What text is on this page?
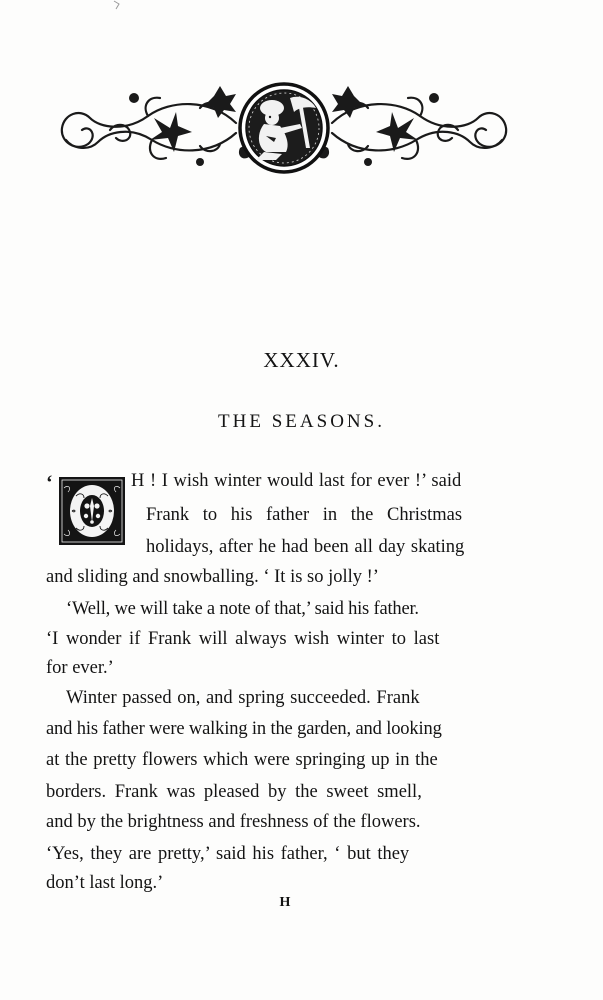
XXXIV.
THE SEASONS.
‘	H ! I wish winter would last for ever !’ said
Frank to his father in the Christmas
holidays, after he had been all day skating
and sliding and snowballing. ‘ It is so jolly !’
‘Well, we will take a note of that,’ said his father.
‘I wonder if Frank will always wish winter to last
for ever.’
Winter passed on, and spring succeeded. Frank
and his father were walking in the garden, and looking
at the pretty flowers which were springing up in the
borders. Frank was pleased by the sweet smell,
and by the brightness and freshness of the flowers.
‘Yes, they are pretty,’ said his father, ‘ but they
don’t last long.’
H
